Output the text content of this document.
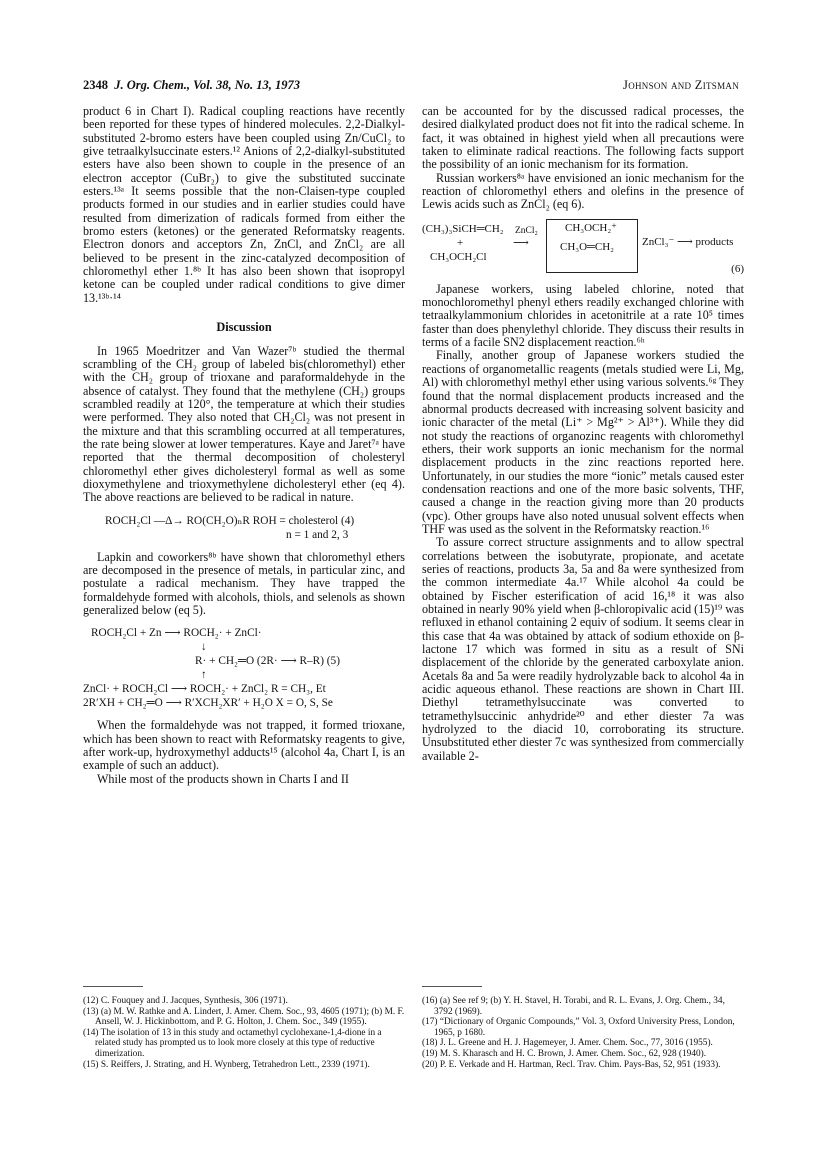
2348 J. Org. Chem., Vol. 38, No. 13, 1973	Johnson and Zitsman

product 6 in Chart I). Radical coupling reactions have recently been reported for these types of hindered molecules. 2,2-Dialkyl-substituted 2-bromo esters have been coupled using Zn/CuCl₂ to give tetraalkylsuccinate esters.¹² Anions of 2,2-dialkyl-substituted esters have also been shown to couple in the presence of an electron acceptor (CuBr₂) to give the substituted succinate esters.¹³ᵃ It seems possible that the non-Claisen-type coupled products formed in our studies and in earlier studies could have resulted from dimerization of radicals formed from either the bromo esters (ketones) or the generated Reformatsky reagents. Electron donors and acceptors Zn, ZnCl, and ZnCl₂ are all believed to be present in the zinc-catalyzed decomposition of chloromethyl ether 1.⁸ᵇ It has also been shown that isopropyl ketone can be coupled under radical conditions to give dimer 13.¹³ᵇ·¹⁴

Discussion

In 1965 Moedritzer and Van Wazer⁷ᵇ studied the thermal scrambling of the CH₂ group of labeled bis(chloromethyl) ether with the CH₂ group of trioxane and paraformaldehyde in the absence of catalyst. They found that the methylene (CH₂) groups scrambled readily at 120°, the temperature at which their studies were performed. They also noted that CH₂Cl₂ was not present in the mixture and that this scrambling occurred at all temperatures, the rate being slower at lower temperatures. Kaye and Jaret⁷ᵃ have reported that the thermal decomposition of cholesteryl chloromethyl ether gives dicholesteryl formal as well as some dioxymethylene and trioxymethylene dicholesteryl ether (eq 4). The above reactions are believed to be radical in nature.

ROCH₂Cl —Δ→ RO(CH₂O)ₙR ROH = cholesterol (4)
n = 1 and 2, 3

Lapkin and coworkers⁸ᵇ have shown that chloromethyl ethers are decomposed in the presence of metals, in particular zinc, and postulate a radical mechanism. They have trapped the formaldehyde formed with alcohols, thiols, and selenols as shown generalized below (eq 5).

ROCH₂Cl + Zn ⟶ ROCH₂· + ZnCl·
↓
R· + CH₂═O (2R· ⟶ R–R) (5)
↑
ZnCl· + ROCH₂Cl ⟶ ROCH₂· + ZnCl₂ R = CH₃, Et
2R′XH + CH₂═O ⟶ R′XCH₂XR′ + H₂O X = O, S, Se

When the formaldehyde was not trapped, it formed trioxane, which has been shown to react with Reformatsky reagents to give, after work-up, hydroxymethyl adducts¹⁵ (alcohol 4a, Chart I, is an example of such an adduct).

While most of the products shown in Charts I and II

can be accounted for by the discussed radical processes, the desired dialkylated product does not fit into the radical scheme. In fact, it was obtained in highest yield when all precautions were taken to eliminate radical reactions. The following facts support the possibility of an ionic mechanism for its formation.

Russian workers⁸ᵃ have envisioned an ionic mechanism for the reaction of chloromethyl ethers and olefins in the presence of Lewis acids such as ZnCl₂ (eq 6).

(CH₃)₃SiCH═CH₂
+
CH₃OCH₂Cl
ZnCl₂
⟶
CH₃OCH₂⁺
CH₃O═CH₂	ZnCl₃⁻ ⟶ products
(6)

Japanese workers, using labeled chlorine, noted that monochloromethyl phenyl ethers readily exchanged chlorine with tetraalkylammonium chlorides in acetonitrile at a rate 10⁵ times faster than does phenylethyl chloride. They discuss their results in terms of a facile SN2 displacement reaction.⁶ʰ

Finally, another group of Japanese workers studied the reactions of organometallic reagents (metals studied were Li, Mg, Al) with chloromethyl methyl ether using various solvents.⁶ᵍ They found that the normal displacement products increased and the abnormal products decreased with increasing solvent basicity and ionic character of the metal (Li⁺ > Mg²⁺ > Al³⁺). While they did not study the reactions of organozinc reagents with chloromethyl ethers, their work supports an ionic mechanism for the normal displacement products in the zinc reactions reported here. Unfortunately, in our studies the more “ionic” metals caused ester condensation reactions and one of the more basic solvents, THF, caused a change in the reaction giving more than 20 products (vpc). Other groups have also noted unusual solvent effects when THF was used as the solvent in the Reformatsky reaction.¹⁶

To assure correct structure assignments and to allow spectral correlations between the isobutyrate, propionate, and acetate series of reactions, products 3a, 5a and 8a were synthesized from the common intermediate 4a.¹⁷ While alcohol 4a could be obtained by Fischer esterification of acid 16,¹⁸ it was also obtained in nearly 90% yield when β-chloropivalic acid (15)¹⁹ was refluxed in ethanol containing 2 equiv of sodium. It seems clear in this case that 4a was obtained by attack of sodium ethoxide on β-lactone 17 which was formed in situ as a result of SNi displacement of the chloride by the generated carboxylate anion. Acetals 8a and 5a were readily hydrolyzable back to alcohol 4a in acidic aqueous ethanol. These reactions are shown in Chart III. Diethyl tetramethylsuccinate was converted to tetramethylsuccinic anhydride²⁰ and ether diester 7a was hydrolyzed to the diacid 10, corroborating its structure. Unsubstituted ether diester 7c was synthesized from commercially available 2-

(12) C. Fouquey and J. Jacques, Synthesis, 306 (1971).

(13) (a) M. W. Rathke and A. Lindert, J. Amer. Chem. Soc., 93, 4605 (1971); (b) M. F. Ansell, W. J. Hickinbottom, and P. G. Holton, J. Chem. Soc., 349 (1955).

(14) The isolation of 13 in this study and octamethyl cyclohexane-1,4-dione in a related study has prompted us to look more closely at this type of reductive dimerization.

(15) S. Reiffers, J. Strating, and H. Wynberg, Tetrahedron Lett., 2339 (1971).

(16) (a) See ref 9; (b) Y. H. Stavel, H. Torabi, and R. L. Evans, J. Org. Chem., 34, 3792 (1969).

(17) “Dictionary of Organic Compounds,” Vol. 3, Oxford University Press, London, 1965, p 1680.

(18) J. L. Greene and H. J. Hagemeyer, J. Amer. Chem. Soc., 77, 3016 (1955).

(19) M. S. Kharasch and H. C. Brown, J. Amer. Chem. Soc., 62, 928 (1940).

(20) P. E. Verkade and H. Hartman, Recl. Trav. Chim. Pays-Bas, 52, 951 (1933).
